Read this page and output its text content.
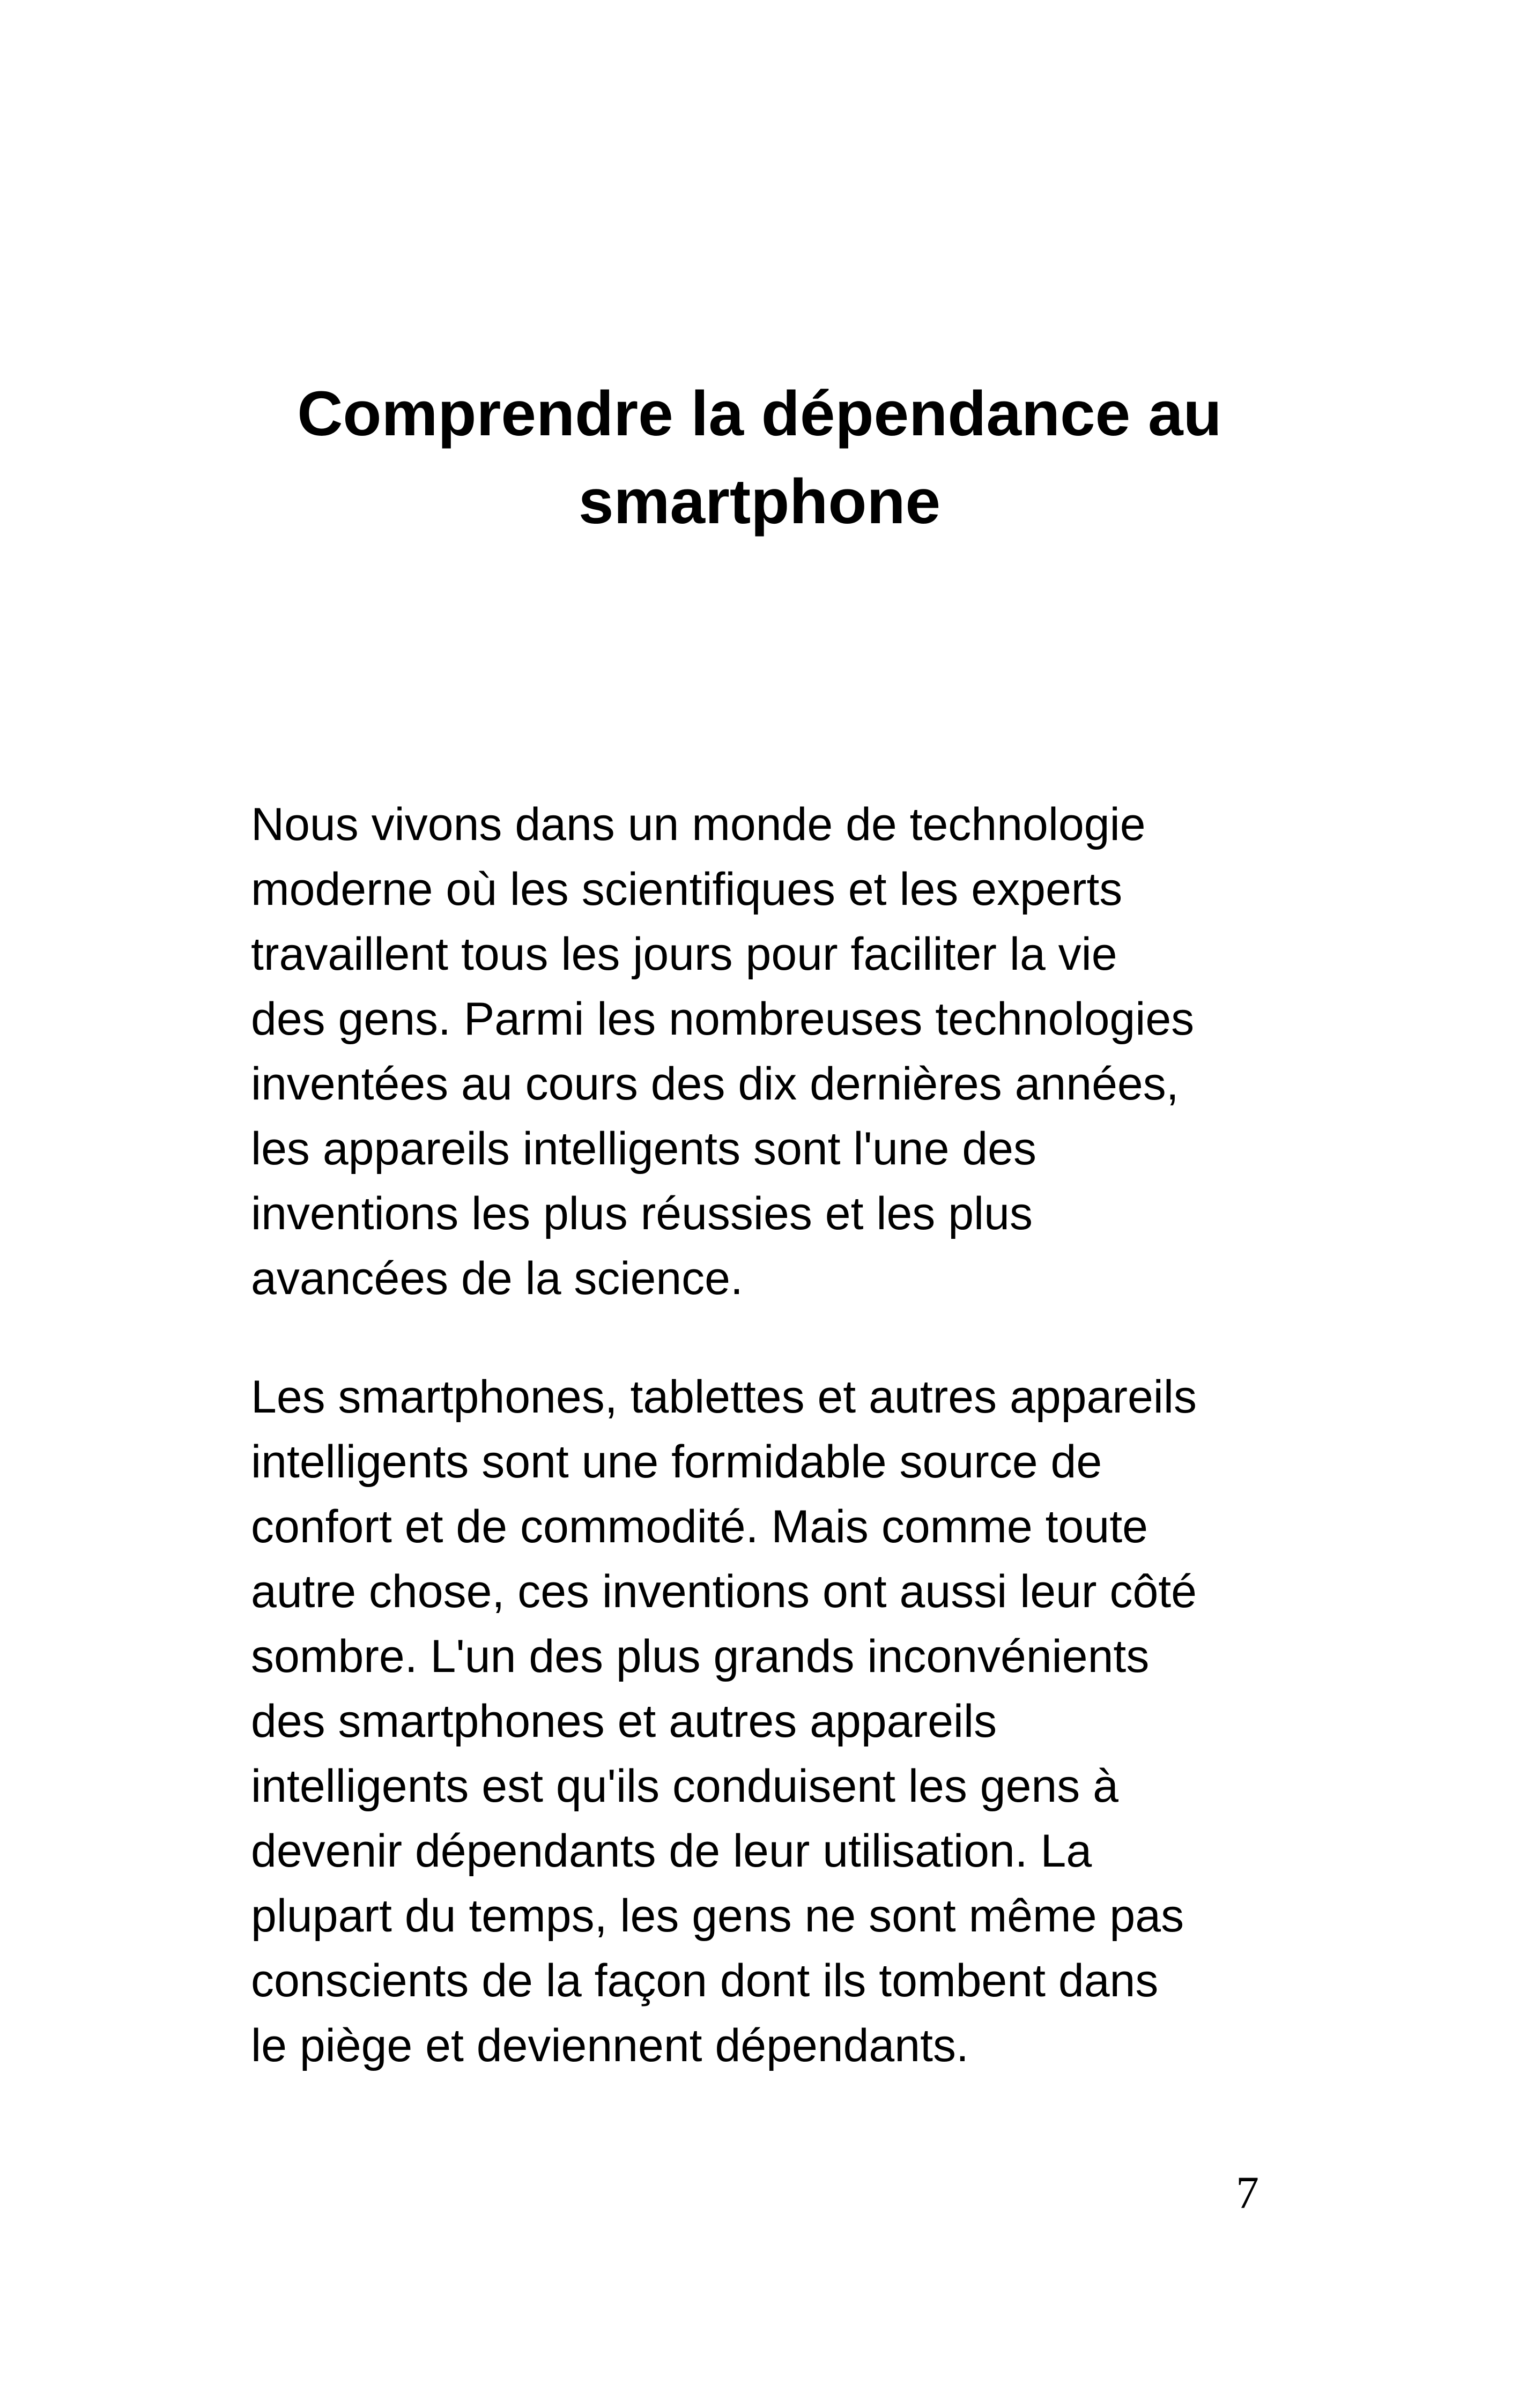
Comprendre la dépendance au
smartphone

Nous vivons dans un monde de technologie
moderne où les scientifiques et les experts
travaillent tous les jours pour faciliter la vie
des gens. Parmi les nombreuses technologies
inventées au cours des dix dernières années,
les appareils intelligents sont l'une des
inventions les plus réussies et les plus
avancées de la science.

Les smartphones, tablettes et autres appareils
intelligents sont une formidable source de
confort et de commodité. Mais comme toute
autre chose, ces inventions ont aussi leur côté
sombre. L'un des plus grands inconvénients
des smartphones et autres appareils
intelligents est qu'ils conduisent les gens à
devenir dépendants de leur utilisation. La
plupart du temps, les gens ne sont même pas
conscients de la façon dont ils tombent dans
le piège et deviennent dépendants.

7
